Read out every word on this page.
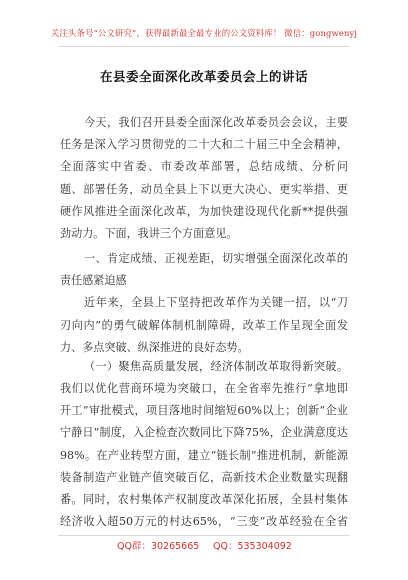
关注头条号“公文研究”，获得最新最全最专业的公文资料库！ 微信：gongwenyj
在县委全面深化改革委员会上的讲话
今天，我们召开县委全面深化改革委员会会议，主要
任务是深入学习贯彻党的二十大和二十届三中全会精神，
全面落实中省委、市委改革部署，总结成绩、分析问
题、部署任务，动员全县上下以更大决心、更实举措、更
硬作风推进全面深化改革，为加快建设现代化新**提供强
劲动力。下面，我讲三个方面意见。
一、肯定成绩、正视差距，切实增强全面深化改革的
责任感紧迫感
近年来，全县上下坚持把改革作为关键一招，以“刀
刃向内”的勇气破解体制机制障碍，改革工作呈现全面发
力、多点突破、纵深推进的良好态势。
（一）聚焦高质量发展，经济体制改革取得新突破。
我们以优化营商环境为突破口，在全省率先推行“拿地即
开工”审批模式，项目落地时间缩短60%以上；创新“企业
宁静日”制度，入企检查次数同比下降75%，企业满意度达
98%。在产业转型方面，建立“链长制”推进机制，新能源
装备制造产业链产值突破百亿，高新技术企业数量实现翻
番。同时，农村集体产权制度改革深化拓展，全县村集体
经济收入超50万元的村达65%，“三变”改革经验在全省
QQ群：30265665 QQ：535304092
